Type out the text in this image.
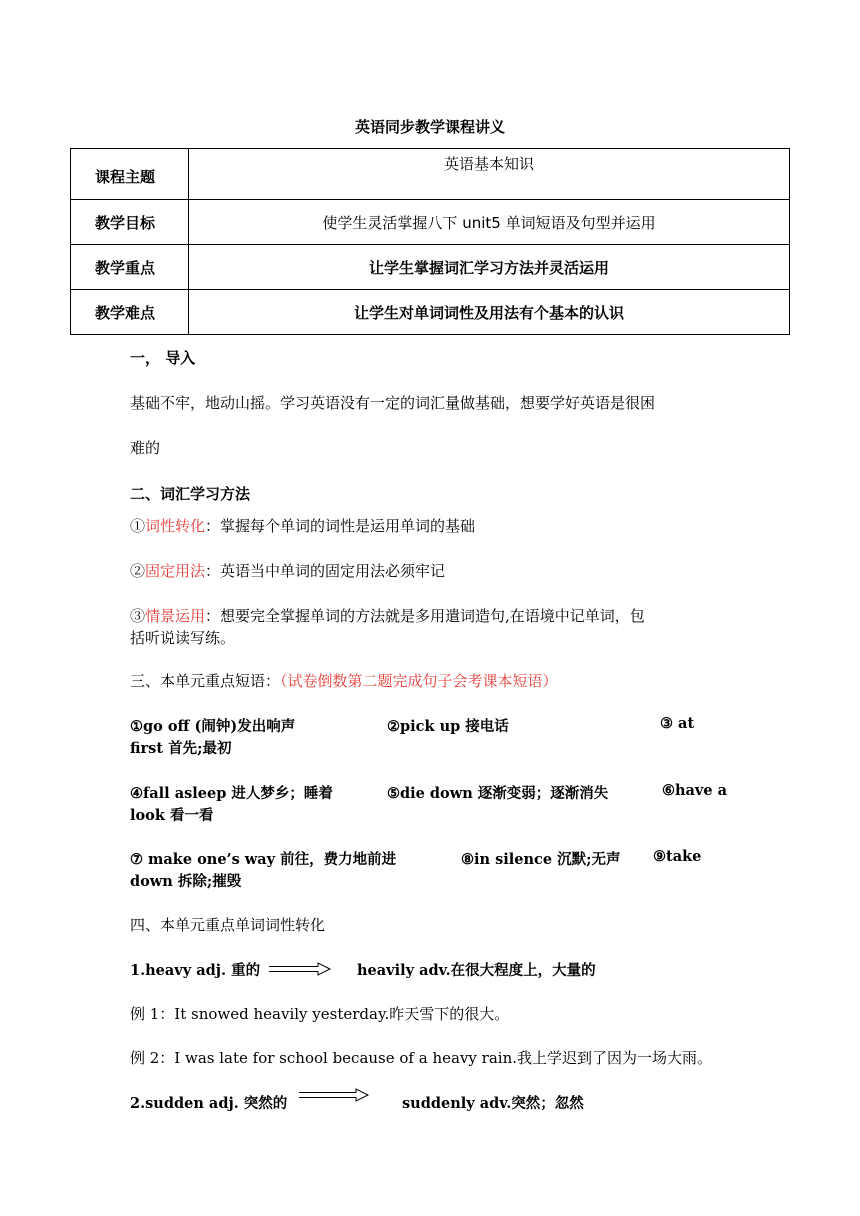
英语同步教学课程讲义
课程主题	英语基本知识
教学目标	使学生灵活掌握八下 unit5 单词短语及句型并运用
教学重点	让学生掌握词汇学习方法并灵活运用
教学难点	让学生对单词词性及用法有个基本的认识
一， 导入
基础不牢，地动山摇。学习英语没有一定的词汇量做基础，想要学好英语是很困
难的
二、词汇学习方法
①词性转化：掌握每个单词的词性是运用单词的基础
②固定用法：英语当中单词的固定用法必须牢记
③情景运用：想要完全掌握单词的方法就是多用遣词造句,在语境中记单词，包
括听说读写练。
三、本单元重点短语：（试卷倒数第二题完成句子会考课本短语）
①go off (闹钟)发出响声	②pick up 接电话	③ at
first 首先;最初
④fall asleep 进人梦乡；睡着	⑤die down 逐渐变弱；逐渐消失	⑥have a
look 看一看
⑦ make one’s way 前往，费力地前进	⑧in silence 沉默;无声 ⑨take
down 拆除;摧毁
四、本单元重点单词词性转化
1.heavy adj. 重的	heavily adv.在很大程度上，大量的
例 1：It snowed heavily yesterday.昨天雪下的很大。
例 2：I was late for school because of a heavy rain.我上学迟到了因为一场大雨。
2.sudden adj. 突然的	suddenly adv.突然；忽然
